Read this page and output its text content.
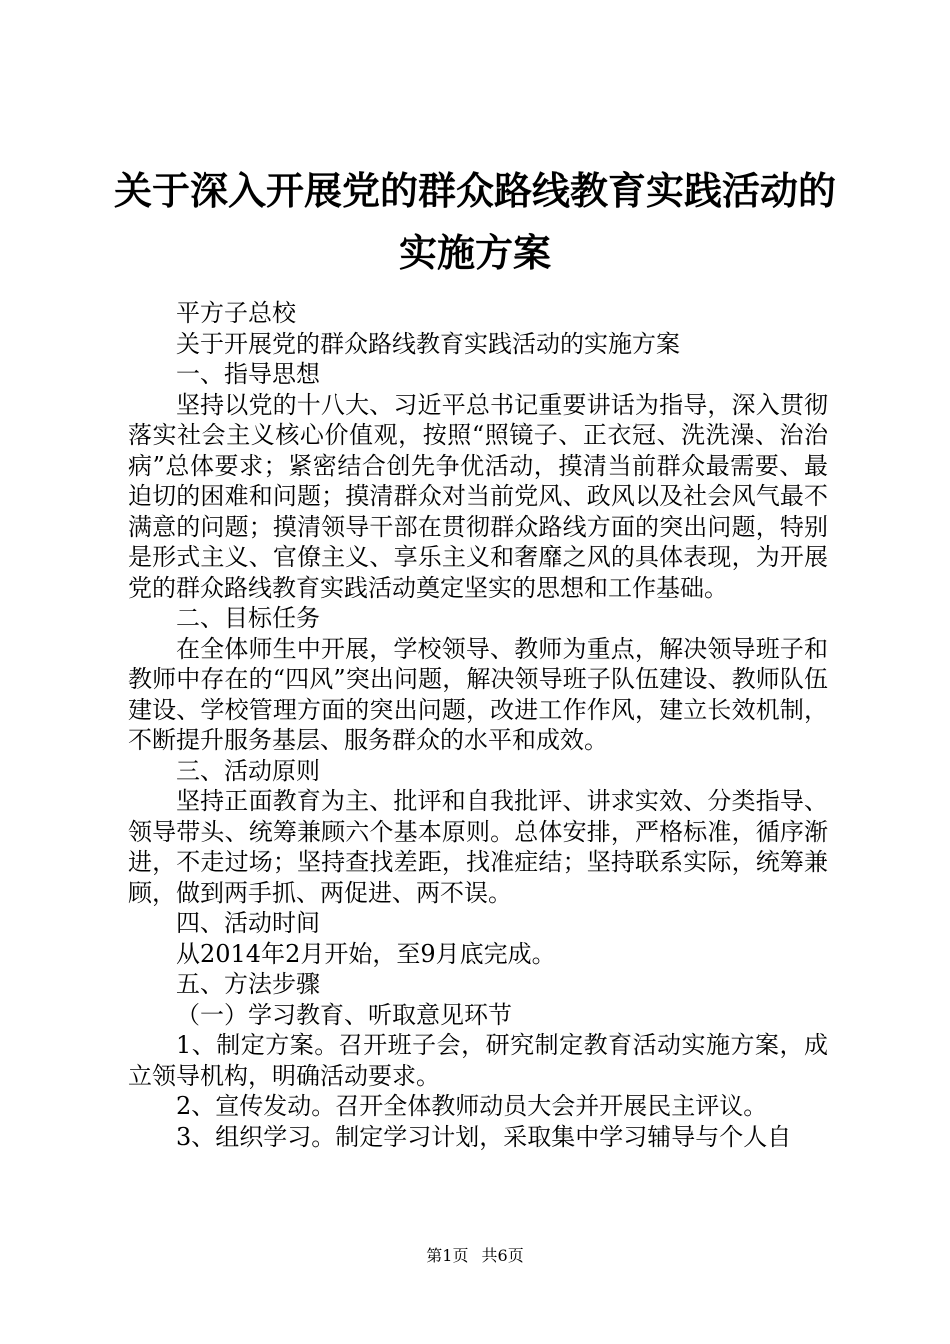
关于深入开展党的群众路线教育实践活动的实施方案

平方子总校

关于开展党的群众路线教育实践活动的实施方案

一、指导思想

坚持以党的十八大、习近平总书记重要讲话为指导，深入贯彻落实社会主义核心价值观，按照“照镜子、正衣冠、洗洗澡、治治病”总体要求；紧密结合创先争优活动，摸清当前群众最需要、最迫切的困难和问题；摸清群众对当前党风、政风以及社会风气最不满意的问题；摸清领导干部在贯彻群众路线方面的突出问题，特别是形式主义、官僚主义、享乐主义和奢靡之风的具体表现，为开展党的群众路线教育实践活动奠定坚实的思想和工作基础。

二、目标任务

在全体师生中开展，学校领导、教师为重点，解决领导班子和教师中存在的“四风”突出问题，解决领导班子队伍建设、教师队伍建设、学校管理方面的突出问题，改进工作作风，建立长效机制，不断提升服务基层、服务群众的水平和成效。

三、活动原则

坚持正面教育为主、批评和自我批评、讲求实效、分类指导、领导带头、统筹兼顾六个基本原则。总体安排，严格标准，循序渐进，不走过场；坚持查找差距，找准症结；坚持联系实际，统筹兼顾，做到两手抓、两促进、两不误。

四、活动时间

从2014年2月开始，至9月底完成。

五、方法步骤

（一）学习教育、听取意见环节

1、制定方案。召开班子会，研究制定教育活动实施方案，成立领导机构，明确活动要求。

2、宣传发动。召开全体教师动员大会并开展民主评议。

3、组织学习。制定学习计划，采取集中学习辅导与个人自

第1页 共6页
